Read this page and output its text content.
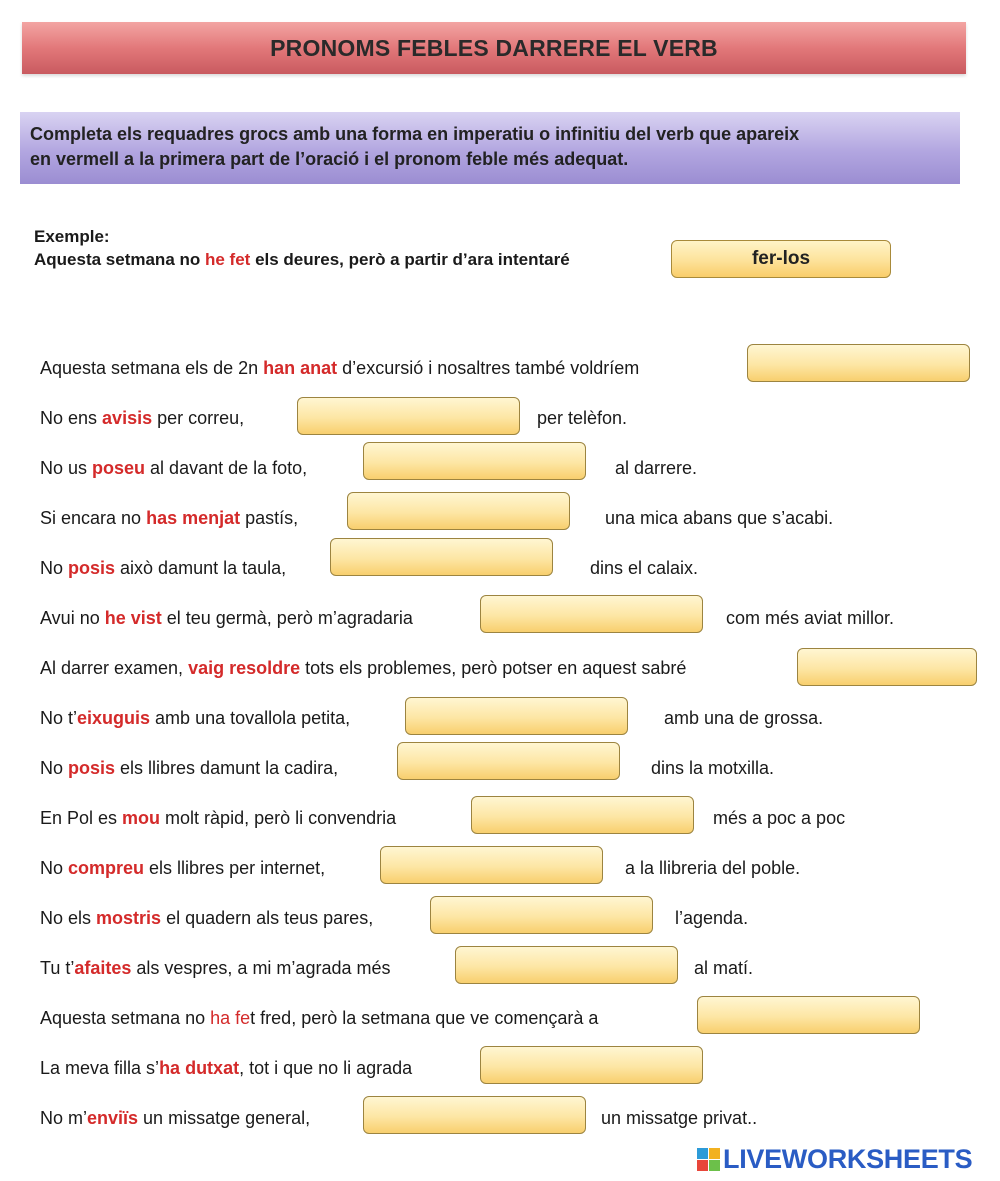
PRONOMS FEBLES DARRERE EL VERB
Completa els requadres grocs amb una forma en imperatiu o infinitiu del verb que apareix
en vermell a la primera part de l’oració i el pronom feble més adequat.
Exemple:
Aquesta setmana no he fet els deures, però a partir d’ara intentaré	fer-los
Aquesta setmana els de 2n han anat d’excursió i nosaltres també voldríem
No ens avisis per correu,	per telèfon.
No us poseu al davant de la foto,	al darrere.
Si encara no has menjat pastís,	una mica abans que s’acabi.
No posis això damunt la taula,	dins el calaix.
Avui no he vist el teu germà, però m’agradaria	com més aviat millor.
Al darrer examen, vaig resoldre tots els problemes, però potser en aquest sabré
No t’eixuguis amb una tovallola petita,	amb una de grossa.
No posis els llibres damunt la cadira,	dins la motxilla.
En Pol es mou molt ràpid, però li convendria	més a poc a poc
No compreu els llibres per internet,	a la llibreria del poble.
No els mostris el quadern als teus pares,	l’agenda.
Tu t’afaites als vespres, a mi m’agrada més	al matí.
Aquesta setmana no ha fet fred, però la setmana que ve començarà a
La meva filla s’ha dutxat, tot i que no li agrada
No m’enviïs un missatge general,	un missatge privat..
LIVEWORKSHEETS
